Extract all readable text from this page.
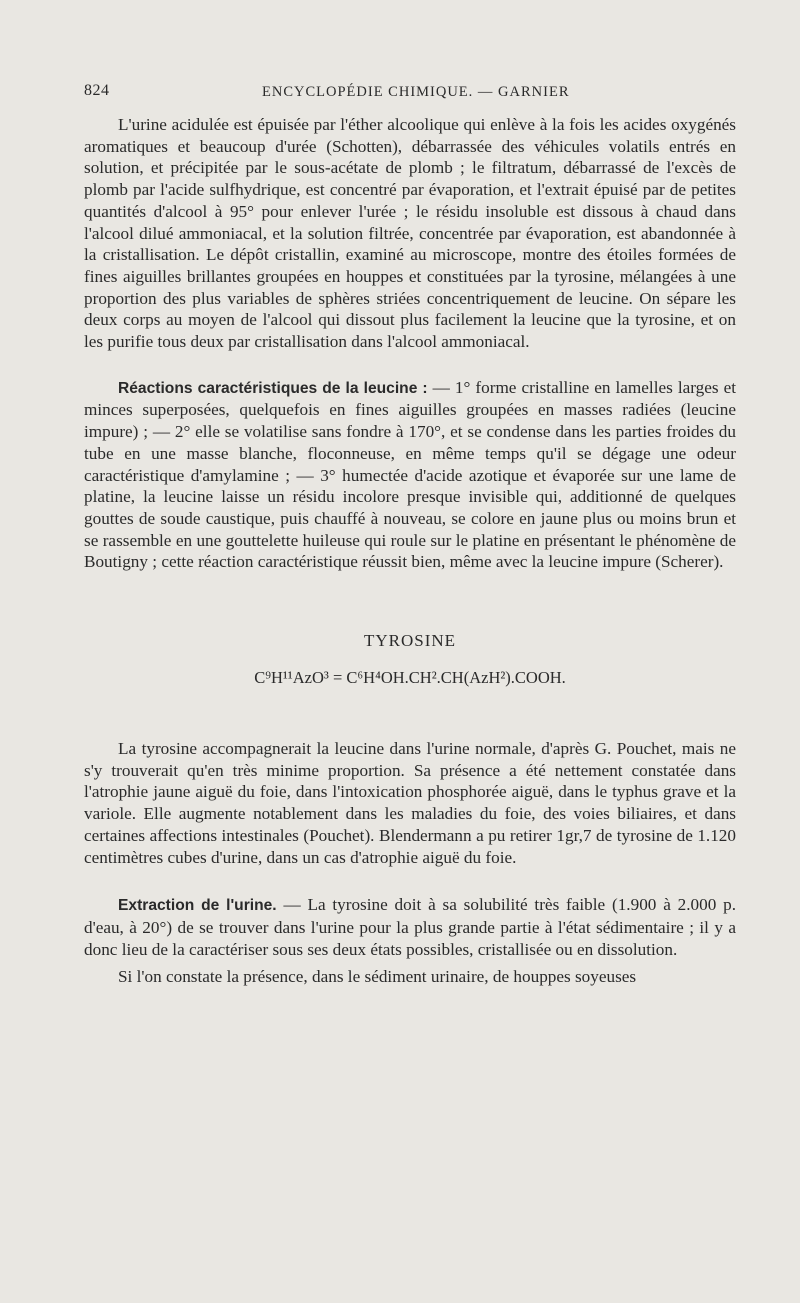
824	ENCYCLOPÉDIE CHIMIQUE. — GARNIER

L'urine acidulée est épuisée par l'éther alcoolique qui enlève à la fois les acides oxygénés aromatiques et beaucoup d'urée (Schotten), débarrassée des véhicules volatils entrés en solution, et précipitée par le sous-acétate de plomb ; le filtratum, débarrassé de l'excès de plomb par l'acide sulfhydrique, est concentré par évaporation, et l'extrait épuisé par de petites quantités d'alcool à 95° pour enlever l'urée ; le résidu insoluble est dissous à chaud dans l'alcool dilué ammoniacal, et la solution filtrée, concentrée par évaporation, est abandonnée à la cristallisation. Le dépôt cristallin, examiné au microscope, montre des étoiles formées de fines aiguilles brillantes groupées en houppes et constituées par la tyrosine, mélangées à une proportion des plus variables de sphères striées concentriquement de leucine. On sépare les deux corps au moyen de l'alcool qui dissout plus facilement la leucine que la tyrosine, et on les purifie tous deux par cristallisation dans l'alcool ammoniacal.

Réactions caractéristiques de la leucine : — 1° forme cristalline en lamelles larges et minces superposées, quelquefois en fines aiguilles groupées en masses radiées (leucine impure) ; — 2° elle se volatilise sans fondre à 170°, et se condense dans les parties froides du tube en une masse blanche, floconneuse, en même temps qu'il se dégage une odeur caractéristique d'amylamine ; — 3° humectée d'acide azotique et évaporée sur une lame de platine, la leucine laisse un résidu incolore presque invisible qui, additionné de quelques gouttes de soude caustique, puis chauffé à nouveau, se colore en jaune plus ou moins brun et se rassemble en une gouttelette huileuse qui roule sur le platine en présentant le phénomène de Boutigny ; cette réaction caractéristique réussit bien, même avec la leucine impure (Scherer).

TYROSINE
C⁹H¹¹AzO³ = C⁶H⁴OH.CH².CH(AzH²).COOH.

La tyrosine accompagnerait la leucine dans l'urine normale, d'après G. Pouchet, mais ne s'y trouverait qu'en très minime proportion. Sa présence a été nettement constatée dans l'atrophie jaune aiguë du foie, dans l'intoxication phosphorée aiguë, dans le typhus grave et la variole. Elle augmente notablement dans les maladies du foie, des voies biliaires, et dans certaines affections intestinales (Pouchet). Blendermann a pu retirer 1gr,7 de tyrosine de 1.120 centimètres cubes d'urine, dans un cas d'atrophie aiguë du foie.

Extraction de l'urine. — La tyrosine doit à sa solubilité très faible (1.900 à 2.000 p. d'eau, à 20°) de se trouver dans l'urine pour la plus grande partie à l'état sédimentaire ; il y a donc lieu de la caractériser sous ses deux états possibles, cristallisée ou en dissolution.

Si l'on constate la présence, dans le sédiment urinaire, de houppes soyeuses
